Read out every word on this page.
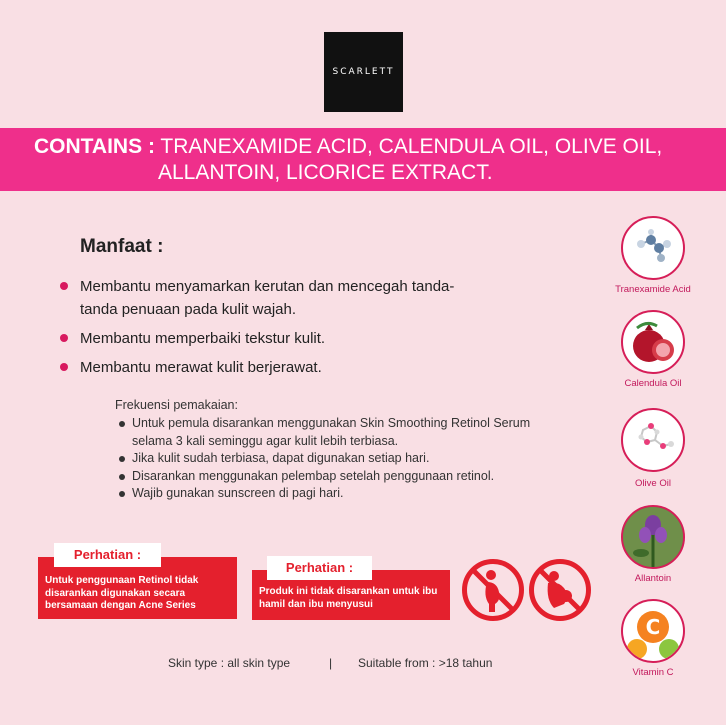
SCARLETT
CONTAINS : TRANEXAMIDE ACID, CALENDULA OIL, OLIVE OIL,
ALLANTOIN, LICORICE EXTRACT.
Manfaat :
Membantu menyamarkan kerutan dan mencegah tanda-tanda penuaan pada kulit wajah.
Membantu memperbaiki tekstur kulit.
Membantu merawat kulit berjerawat.
Frekuensi pemakaian:
Untuk pemula disarankan menggunakan Skin Smoothing Retinol Serum selama 3 kali seminggu agar kulit lebih terbiasa.
Jika kulit sudah terbiasa, dapat digunakan setiap hari.
Disarankan menggunakan pelembap setelah penggunaan retinol.
Wajib gunakan sunscreen di pagi hari.
Untuk penggunaan Retinol tidak disarankan digunakan secara bersamaan dengan Acne Series
Perhatian :
Produk ini tidak disarankan untuk ibu hamil dan ibu menyusui
Perhatian :
Skin type : all skin type	| Suitable from : >18 tahun
Tranexamide Acid
Calendula Oil
Olive Oil
Allantoin
C
Vitamin C
